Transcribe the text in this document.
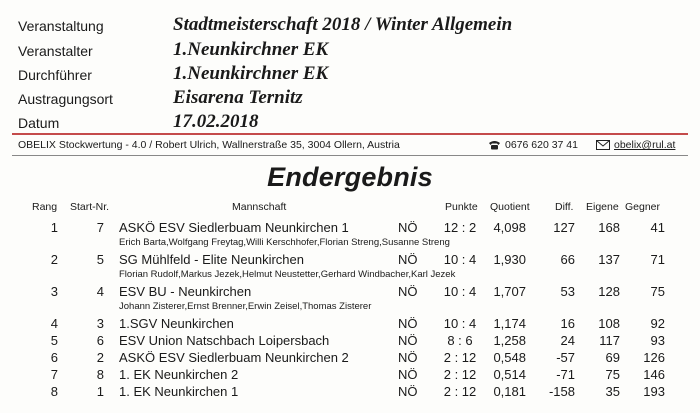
Veranstaltung	Stadtmeisterschaft 2018 / Winter Allgemein
Veranstalter	1.Neunkirchner EK
Durchführer	1.Neunkirchner EK
Austragungsort	Eisarena Ternitz
Datum	17.02.2018
OBELIX Stockwertung - 4.0 / Robert Ulrich, Wallnerstraße 35, 3004 Ollern, Austria	0676 620 37 41	obelix@rul.at
Endergebnis
Rang Start-Nr.	Mannschaft	Punkte Quotient Diff. Eigene Gegner
1	7 ASKÖ ESV Siedlerbuam Neunkirchen 1	NÖ	12 : 2	4,098	127	168	41
Erich Barta,Wolfgang Freytag,Willi Kerschhofer,Florian Streng,Susanne Streng
2	5 SG Mühlfeld - Elite Neunkirchen	NÖ	10 : 4	1,930	66	137	71
Florian Rudolf,Markus Jezek,Helmut Neustetter,Gerhard Windbacher,Karl Jezek
3	4 ESV BU - Neunkirchen	NÖ	10 : 4	1,707	53	128	75
Johann Zisterer,Ernst Brenner,Erwin Zeisel,Thomas Zisterer
4	3 1.SGV Neunkirchen	NÖ	10 : 4	1,174	16	108	92
5	6 ESV Union Natschbach Loipersbach	NÖ	8 : 6	1,258	24	117	93
6	2 ASKÖ ESV Siedlerbuam Neunkirchen 2	NÖ	2 : 12	0,548	-57	69	126
7	8 1. EK Neunkirchen 2	NÖ	2 : 12	0,514	-71	75	146
8	1 1. EK Neunkirchen 1	NÖ	2 : 12	0,181	-158	35	193
